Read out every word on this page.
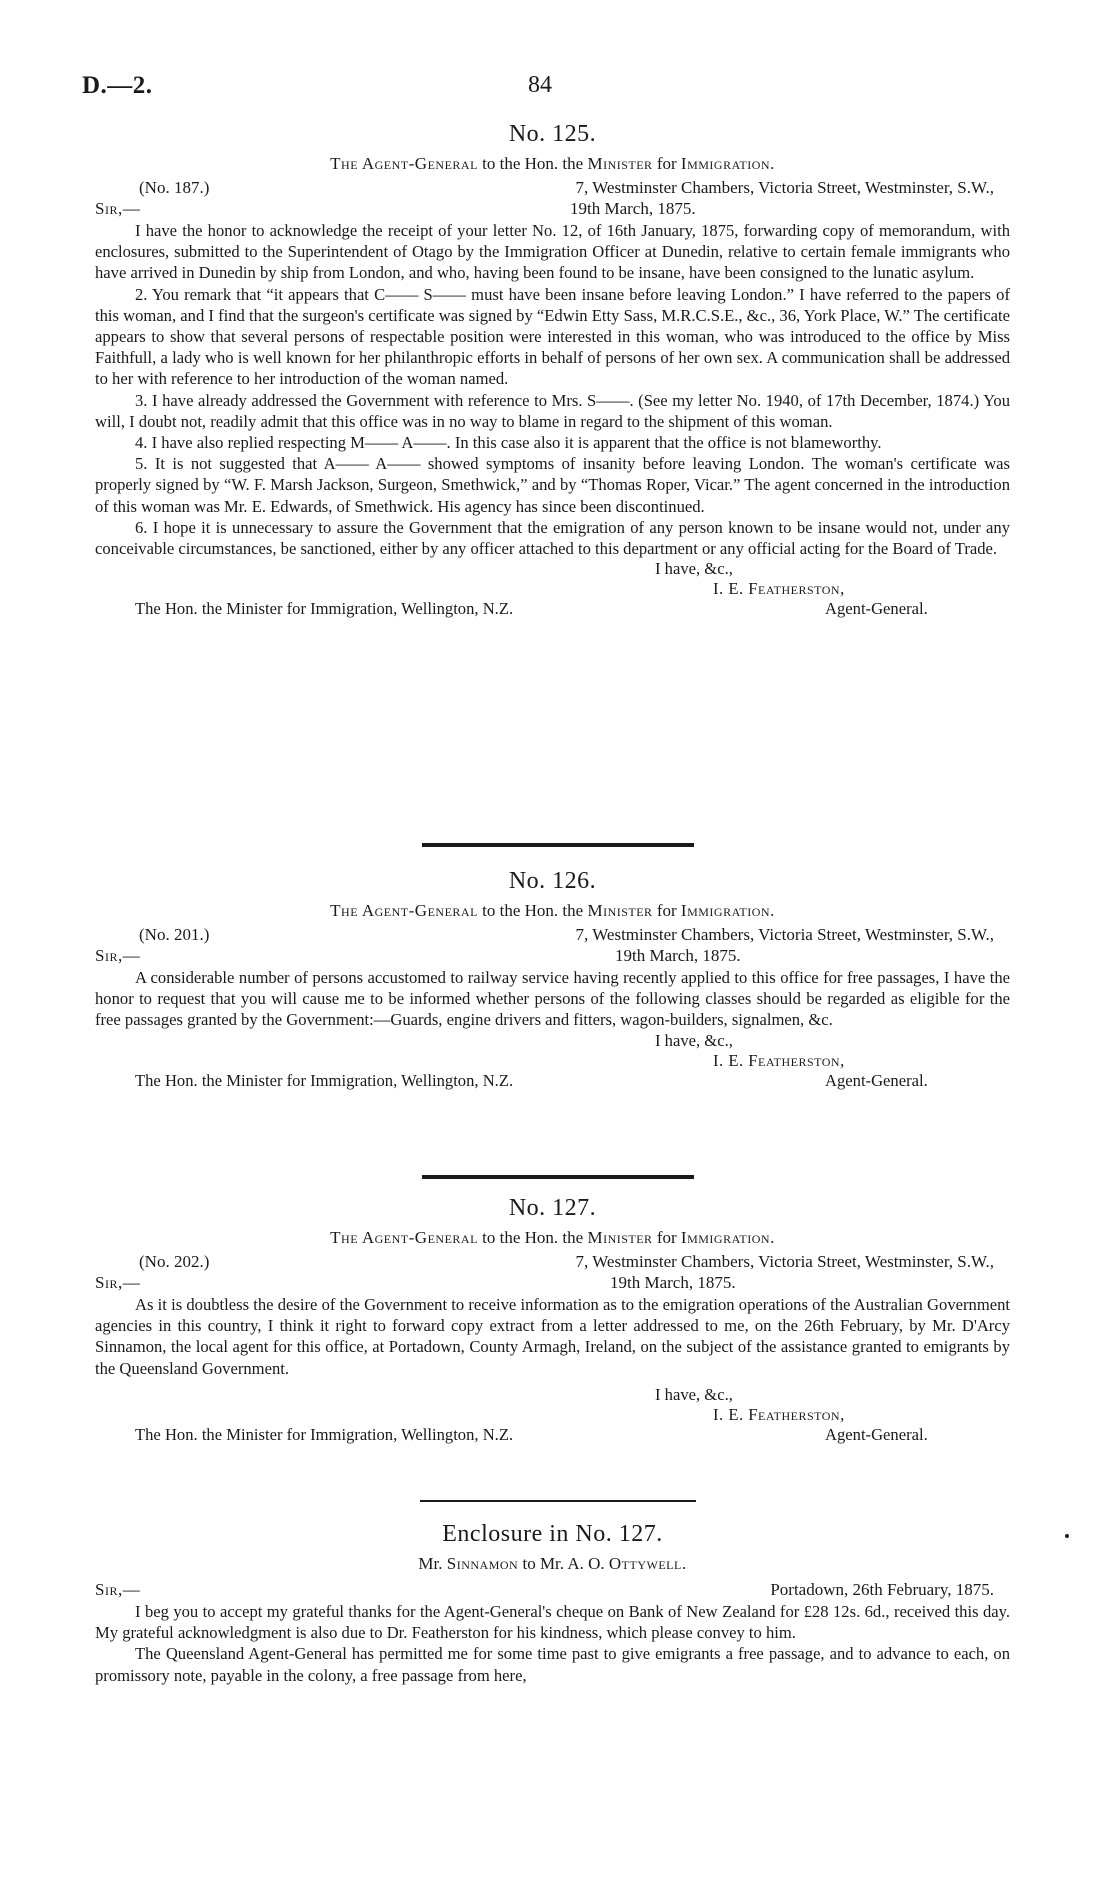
D.—2.	84
No. 125.
The Agent-General to the Hon. the Minister for Immigration.
(No. 187.)	7, Westminster Chambers, Victoria Street, Westminster, S.W.,
Sir,—	19th March, 1875.

I have the honor to acknowledge the receipt of your letter No. 12, of 16th January, 1875, forwarding copy of memorandum, with enclosures, submitted to the Superintendent of Otago by the Immigration Officer at Dunedin, relative to certain female immigrants who have arrived in Dunedin by ship from London, and who, having been found to be insane, have been consigned to the lunatic asylum.

2. You remark that “it appears that C—— S—— must have been insane before leaving London.” I have referred to the papers of this woman, and I find that the surgeon's certificate was signed by “Edwin Etty Sass, M.R.C.S.E., &c., 36, York Place, W.” The certificate appears to show that several persons of respectable position were interested in this woman, who was introduced to the office by Miss Faithfull, a lady who is well known for her philanthropic efforts in behalf of persons of her own sex. A communication shall be addressed to her with reference to her introduction of the woman named.

3. I have already addressed the Government with reference to Mrs. S——. (See my letter No. 1940, of 17th December, 1874.) You will, I doubt not, readily admit that this office was in no way to blame in regard to the shipment of this woman.

4. I have also replied respecting M—— A——. In this case also it is apparent that the office is not blameworthy.

5. It is not suggested that A—— A—— showed symptoms of insanity before leaving London. The woman's certificate was properly signed by “W. F. Marsh Jackson, Surgeon, Smethwick,” and by “Thomas Roper, Vicar.” The agent concerned in the introduction of this woman was Mr. E. Edwards, of Smethwick. His agency has since been discontinued.

6. I hope it is unnecessary to assure the Government that the emigration of any person known to be insane would not, under any conceivable circumstances, be sanctioned, either by any officer attached to this department or any official acting for the Board of Trade.

I have, &c.,
I. E. Featherston,
The Hon. the Minister for Immigration, Wellington, N.Z.	Agent-General.
No. 126.
The Agent-General to the Hon. the Minister for Immigration.
(No. 201.)	7, Westminster Chambers, Victoria Street, Westminster, S.W.,
Sir,—	19th March, 1875.

A considerable number of persons accustomed to railway service having recently applied to this office for free passages, I have the honor to request that you will cause me to be informed whether persons of the following classes should be regarded as eligible for the free passages granted by the Government:—Guards, engine drivers and fitters, wagon-builders, signalmen, &c.

I have, &c.,
I. E. Featherston,
The Hon. the Minister for Immigration, Wellington, N.Z.	Agent-General.
No. 127.
The Agent-General to the Hon. the Minister for Immigration.
(No. 202.)	7, Westminster Chambers, Victoria Street, Westminster, S.W.,
Sir,—	19th March, 1875.

As it is doubtless the desire of the Government to receive information as to the emigration operations of the Australian Government agencies in this country, I think it right to forward copy extract from a letter addressed to me, on the 26th February, by Mr. D'Arcy Sinnamon, the local agent for this office, at Portadown, County Armagh, Ireland, on the subject of the assistance granted to emigrants by the Queensland Government.

I have, &c.,
I. E. Featherston,
The Hon. the Minister for Immigration, Wellington, N.Z.	Agent-General.
Enclosure in No. 127.
Mr. Sinnamon to Mr. A. O. Ottywell.
Sir,—	Portadown, 26th February, 1875.

I beg you to accept my grateful thanks for the Agent-General's cheque on Bank of New Zealand for £28 12s. 6d., received this day. My grateful acknowledgment is also due to Dr. Featherston for his kindness, which please convey to him.

The Queensland Agent-General has permitted me for some time past to give emigrants a free passage, and to advance to each, on promissory note, payable in the colony, a free passage from here,
